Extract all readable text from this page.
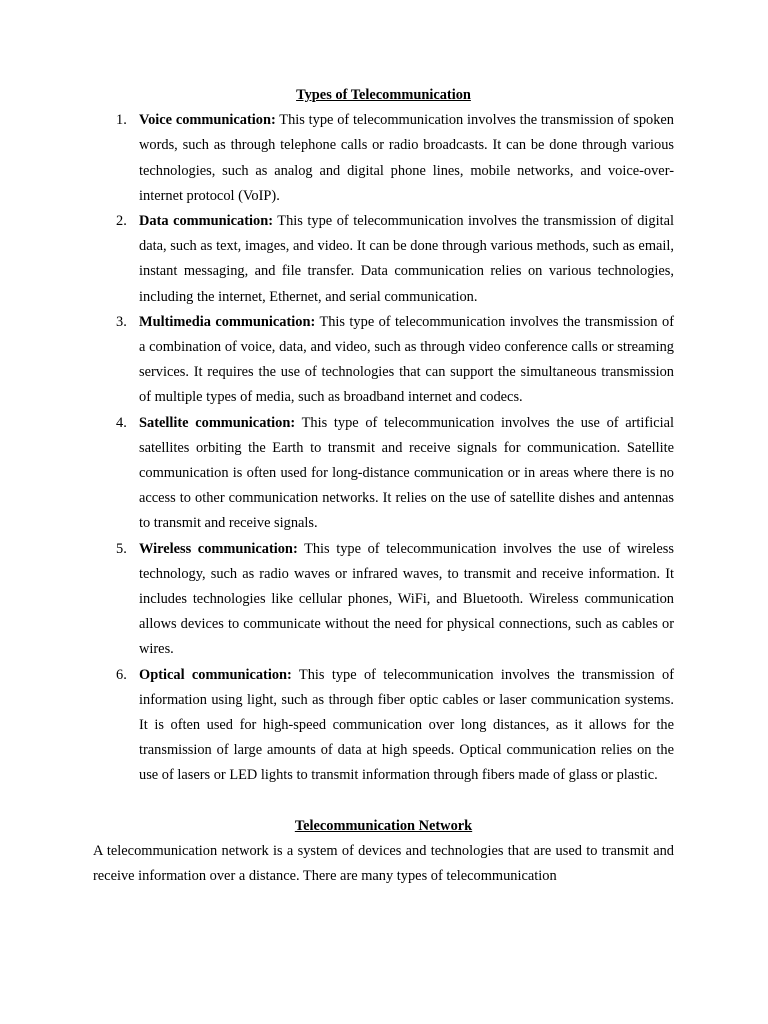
Types of Telecommunication

1. Voice communication: This type of telecommunication involves the transmission of spoken words, such as through telephone calls or radio broadcasts. It can be done through various technologies, such as analog and digital phone lines, mobile networks, and voice-over-internet protocol (VoIP).
2. Data communication: This type of telecommunication involves the transmission of digital data, such as text, images, and video. It can be done through various methods, such as email, instant messaging, and file transfer. Data communication relies on various technologies, including the internet, Ethernet, and serial communication.
3. Multimedia communication: This type of telecommunication involves the transmission of a combination of voice, data, and video, such as through video conference calls or streaming services. It requires the use of technologies that can support the simultaneous transmission of multiple types of media, such as broadband internet and codecs.
4. Satellite communication: This type of telecommunication involves the use of artificial satellites orbiting the Earth to transmit and receive signals for communication. Satellite communication is often used for long-distance communication or in areas where there is no access to other communication networks. It relies on the use of satellite dishes and antennas to transmit and receive signals.
5. Wireless communication: This type of telecommunication involves the use of wireless technology, such as radio waves or infrared waves, to transmit and receive information. It includes technologies like cellular phones, WiFi, and Bluetooth. Wireless communication allows devices to communicate without the need for physical connections, such as cables or wires.
6. Optical communication: This type of telecommunication involves the transmission of information using light, such as through fiber optic cables or laser communication systems. It is often used for high-speed communication over long distances, as it allows for the transmission of large amounts of data at high speeds. Optical communication relies on the use of lasers or LED lights to transmit information through fibers made of glass or plastic.

Telecommunication Network

A telecommunication network is a system of devices and technologies that are used to transmit and receive information over a distance. There are many types of telecommunication
